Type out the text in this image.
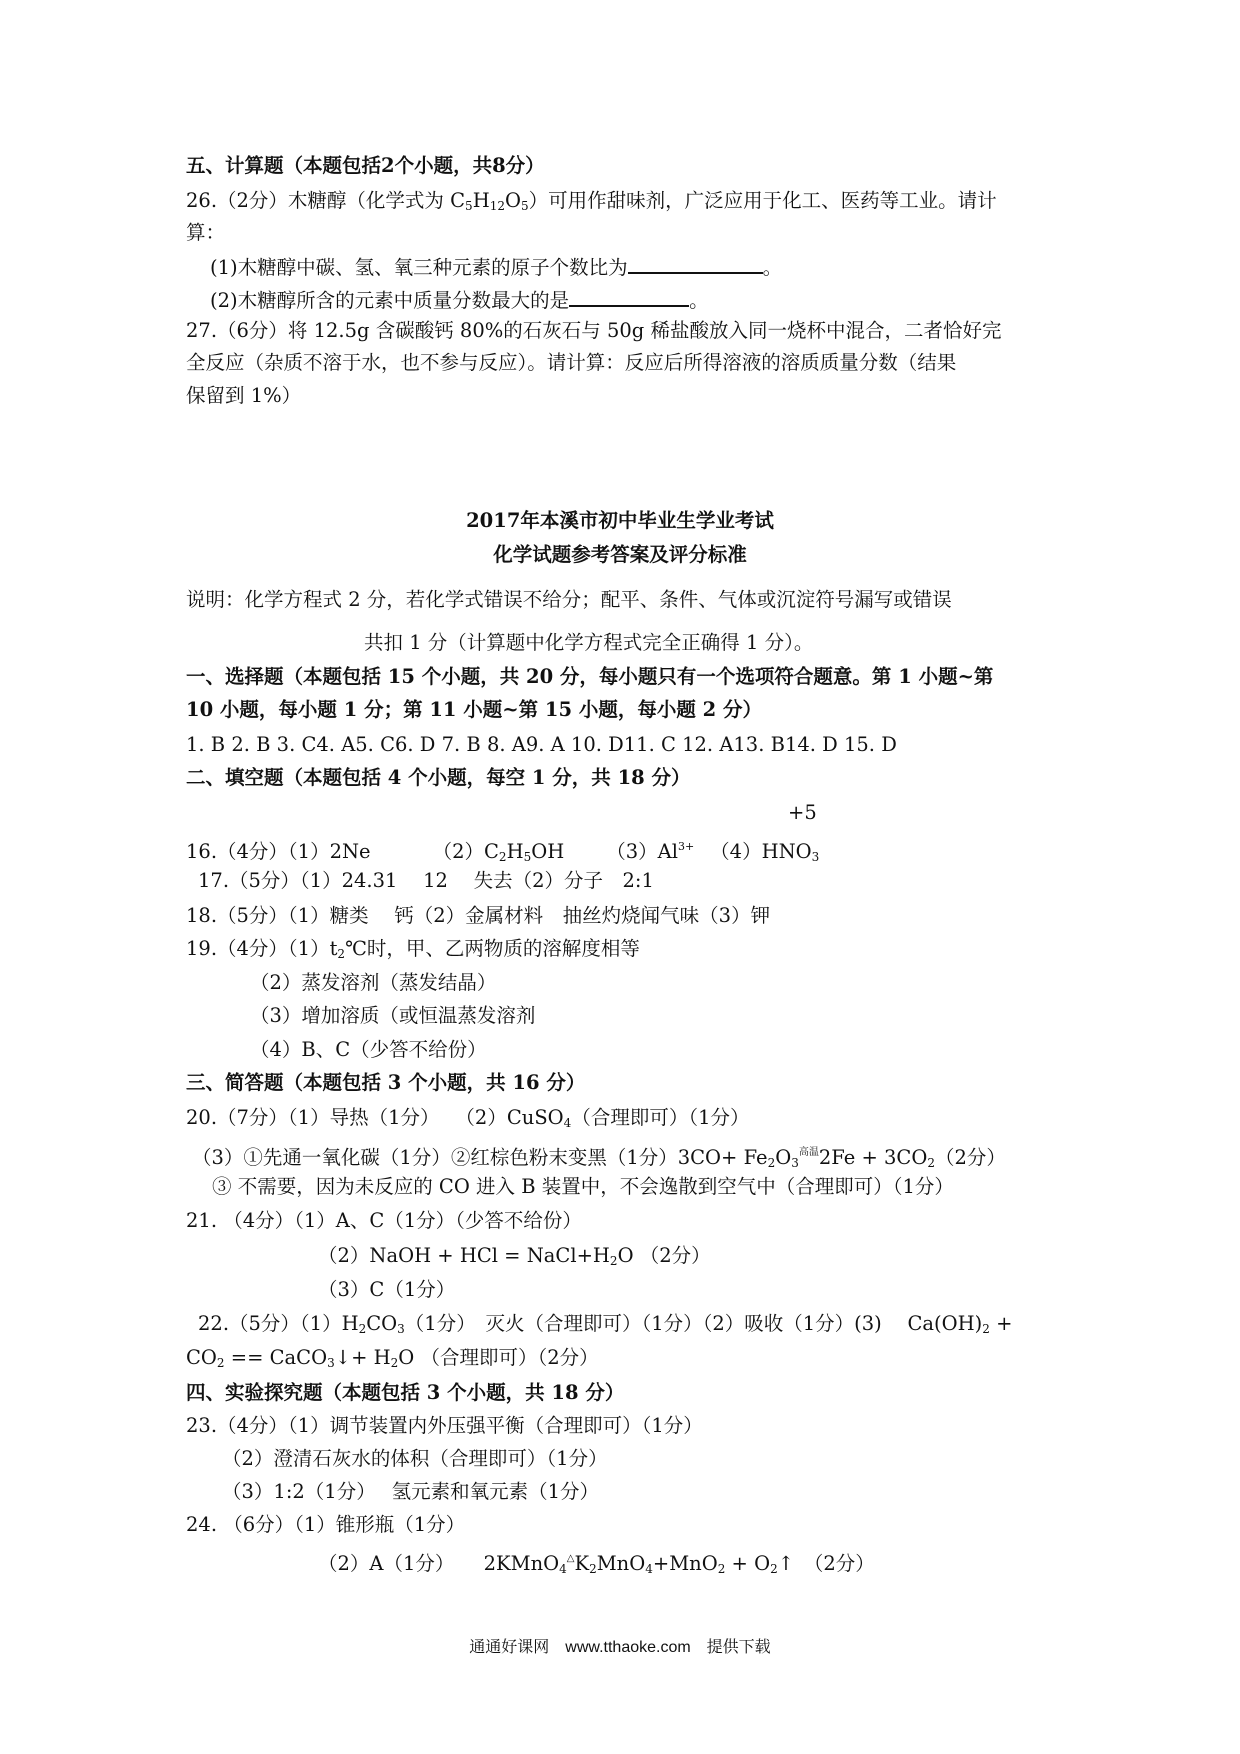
五、计算题（本题包括2个小题，共8分）
26.（2分）木糖醇（化学式为 $C_5H_{12}O_5$）可用作甜味剂，广泛应用于化工、医药等工业。请计
算：
(1)木糖醇中碳、氢、氧三种元素的原子个数比为	。
(2)木糖醇所含的元素中质量分数最大的是	。
27.（6分）将 12.5g 含碳酸钙 80%的石灰石与 50g 稀盐酸放入同一烧杯中混合，二者恰好完
全反应（杂质不溶于水，也不参与反应）。请计算：反应后所得溶液的溶质质量分数（结果
保留到 1%）
2017年本溪市初中毕业生学业考试
化学试题参考答案及评分标准
说明：化学方程式 2 分，若化学式错误不给分；配平、条件、气体或沉淀符号漏写或错误
共扣 1 分（计算题中化学方程式完全正确得 1 分）。
一、选择题（本题包括 15 个小题，共 20 分，每小题只有一个选项符合题意。第 1 小题~第
10 小题，每小题 1 分；第 11 小题~第 15 小题，每小题 2 分）
1. B 2. B 3. C4. A5. C6. D 7. B 8. A9. A 10. D11. C 12. A13. B14. D 15. D
二、填空题（本题包括 4 个小题，每空 1 分，共 18 分）
+5
16.（4分）（1）2Ne	$(2)C_2H_5OH$ $(3)Al^{3+}$ $(4)HNO_3$
17.（5分）（1）24.31　 12　 失去（2）分子　2:1
18.（5分）（1）糖类　 钙（2）金属材料　抽丝灼烧闻气味（3）钾
19.（4分）$(1)t_2℃$时，甲、乙两物质的溶解度相等
（2）蒸发溶剂（蒸发结晶）
（3）增加溶质（或恒温蒸发溶剂
（4）B、C（少答不给份）
三、简答题（本题包括 3 个小题，共 16 分）
20.（7分）（1）导热（1分）　 （2）CuSO$_4$（合理即可）（1分）
（3）①先通一氧化碳（1分）②红棕色粉末变黑（1分）$3CO+ Fe_2O_3^{高温}2Fe + 3CO_2(2$分）
③ 不需要，因为未反应的 CO 进入 B 装置中，不会逸散到空气中（合理即可）（1分）
21. （4分）（1）A、C（1分）（少答不给份）
（2）NaOH + HCl = $NaCl+H_2O$ （2分）
（3）C（1分）
22.（5分）$(1)H_2CO_3(1$分）　灭火（合理即可）（1分）（2）吸收（1分）(3)　 $Ca(OH)_2$ +
$CO_2$ == CaCO$_3$↓+ $H_2O$ （合理即可）（2分）
四、实验探究题（本题包括 3 个小题，共 18 分）
23.（4分）（1）调节装置内外压强平衡（合理即可）（1分）
（2）澄清石灰水的体积（合理即可）（1分）
（3）1:2（1分）　 氢元素和氧元素（1分）
24. （6分）（1）锥形瓶（1分）
（2）A（1分）　　$2KMnO_4^\triangle K_2MnO_4+MnO_2$ + $O_2↑$　（2分）
通通好课网　www.tthaoke.com　提供下载
